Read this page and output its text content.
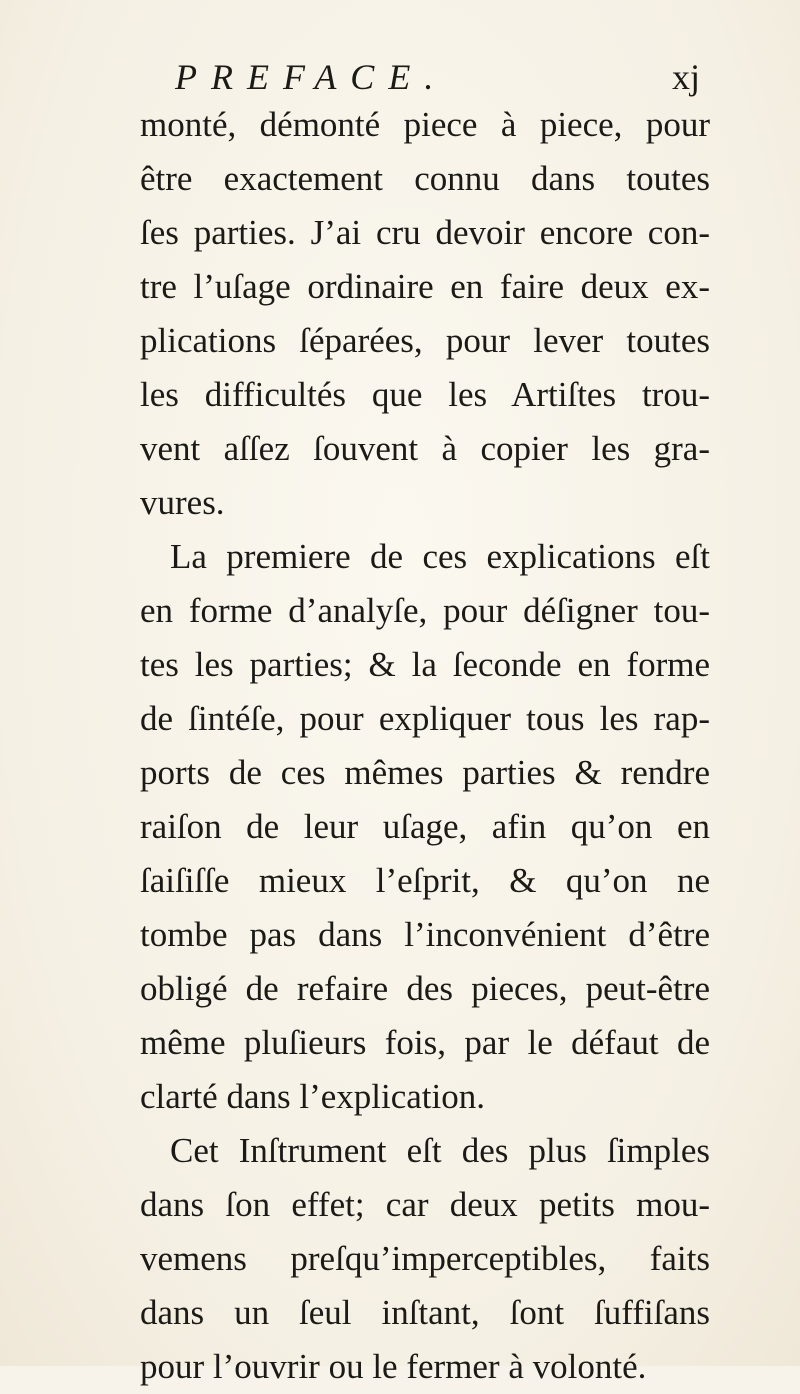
PREFACE.	xj
monté, démonté piece à piece, pour
être exactement connu dans toutes
ſes parties. J’ai cru devoir encore con-
tre l’uſage ordinaire en faire deux ex-
plications ſéparées, pour lever toutes
les difficultés que les Artiſtes trou-
vent aſſez ſouvent à copier les gra-
vures.
La premiere de ces explications eſt
en forme d’analyſe, pour déſigner tou-
tes les parties; & la ſeconde en forme
de ſintéſe, pour expliquer tous les rap-
ports de ces mêmes parties & rendre
raiſon de leur uſage, afin qu’on en
ſaiſiſſe mieux l’eſprit, & qu’on ne
tombe pas dans l’inconvénient d’être
obligé de refaire des pieces, peut-être
même pluſieurs fois, par le défaut de
clarté dans l’explication.
Cet Inſtrument eſt des plus ſimples
dans ſon effet; car deux petits mou-
vemens preſqu’imperceptibles, faits
dans un ſeul inſtant, ſont ſuffiſans
pour l’ouvrir ou le fermer à volonté.
